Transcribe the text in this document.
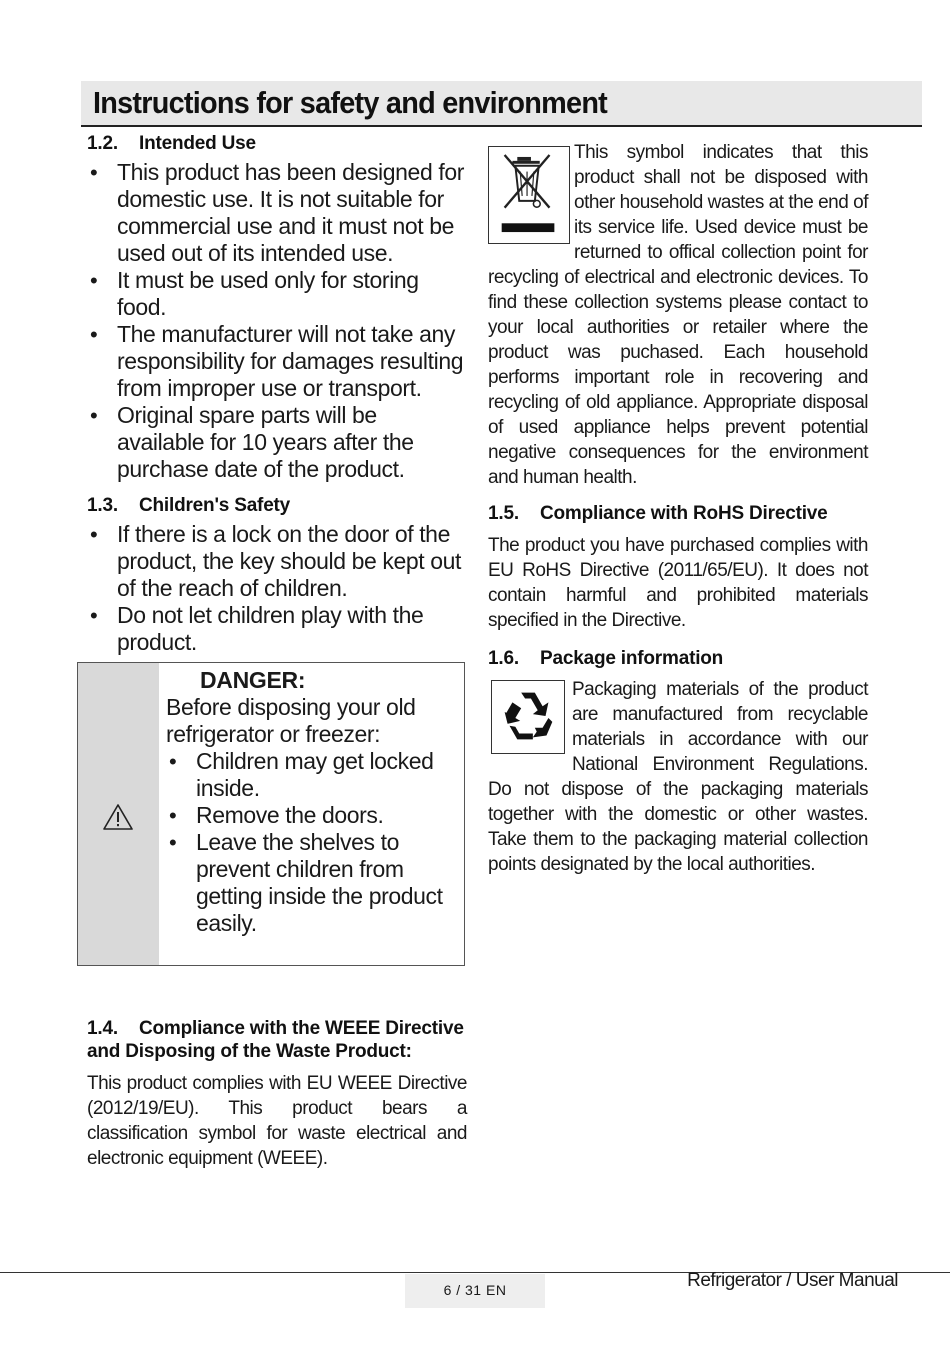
Instructions for safety and environment

1.2. Intended Use

• This product has been designed for domestic use. It is not suitable for commercial use and it must not be used out of its intended use.
• It must be used only for storing food.
• The manufacturer will not take any responsibility for damages resulting from improper use or transport.
• Original spare parts will be available for 10 years after the purchase date of the product.

1.3. Children's Safety

• If there is a lock on the door of the product, the key should be kept out of the reach of children.
• Do not let children play with the product.
DANGER:
Before disposing your old refrigerator or freezer:
• Children may get locked inside.
• Remove the doors.
• Leave the shelves to prevent children from getting inside the product easily.

1.4. Compliance with the WEEE Directive and Disposing of the Waste Product:

This product complies with EU WEEE Directive (2012/19/EU). This product bears a classification symbol for waste electrical and electronic equipment (WEEE).

This symbol indicates that this product shall not be disposed with other household wastes at the end of its service life. Used device must be returned to offical collection point for recycling of electrical and electronic devices. To find these collection systems please contact to your local authorities or retailer where the product was puchased. Each household performs important role in recovering and recycling of old appliance. Appropriate disposal of used appliance helps prevent potential negative consequences for the environment and human health.

1.5. Compliance with RoHS Directive

The product you have purchased complies with EU RoHS Directive (2011/65/EU). It does not contain harmful and prohibited materials specified in the Directive.

1.6. Package information

Packaging materials of the product are manufactured from recyclable materials in accordance with our National Environment Regulations. Do not dispose of the packaging materials together with the domestic or other wastes. Take them to the packaging material collection points designated by the local authorities.

6 / 31 EN	Refrigerator / User Manual
